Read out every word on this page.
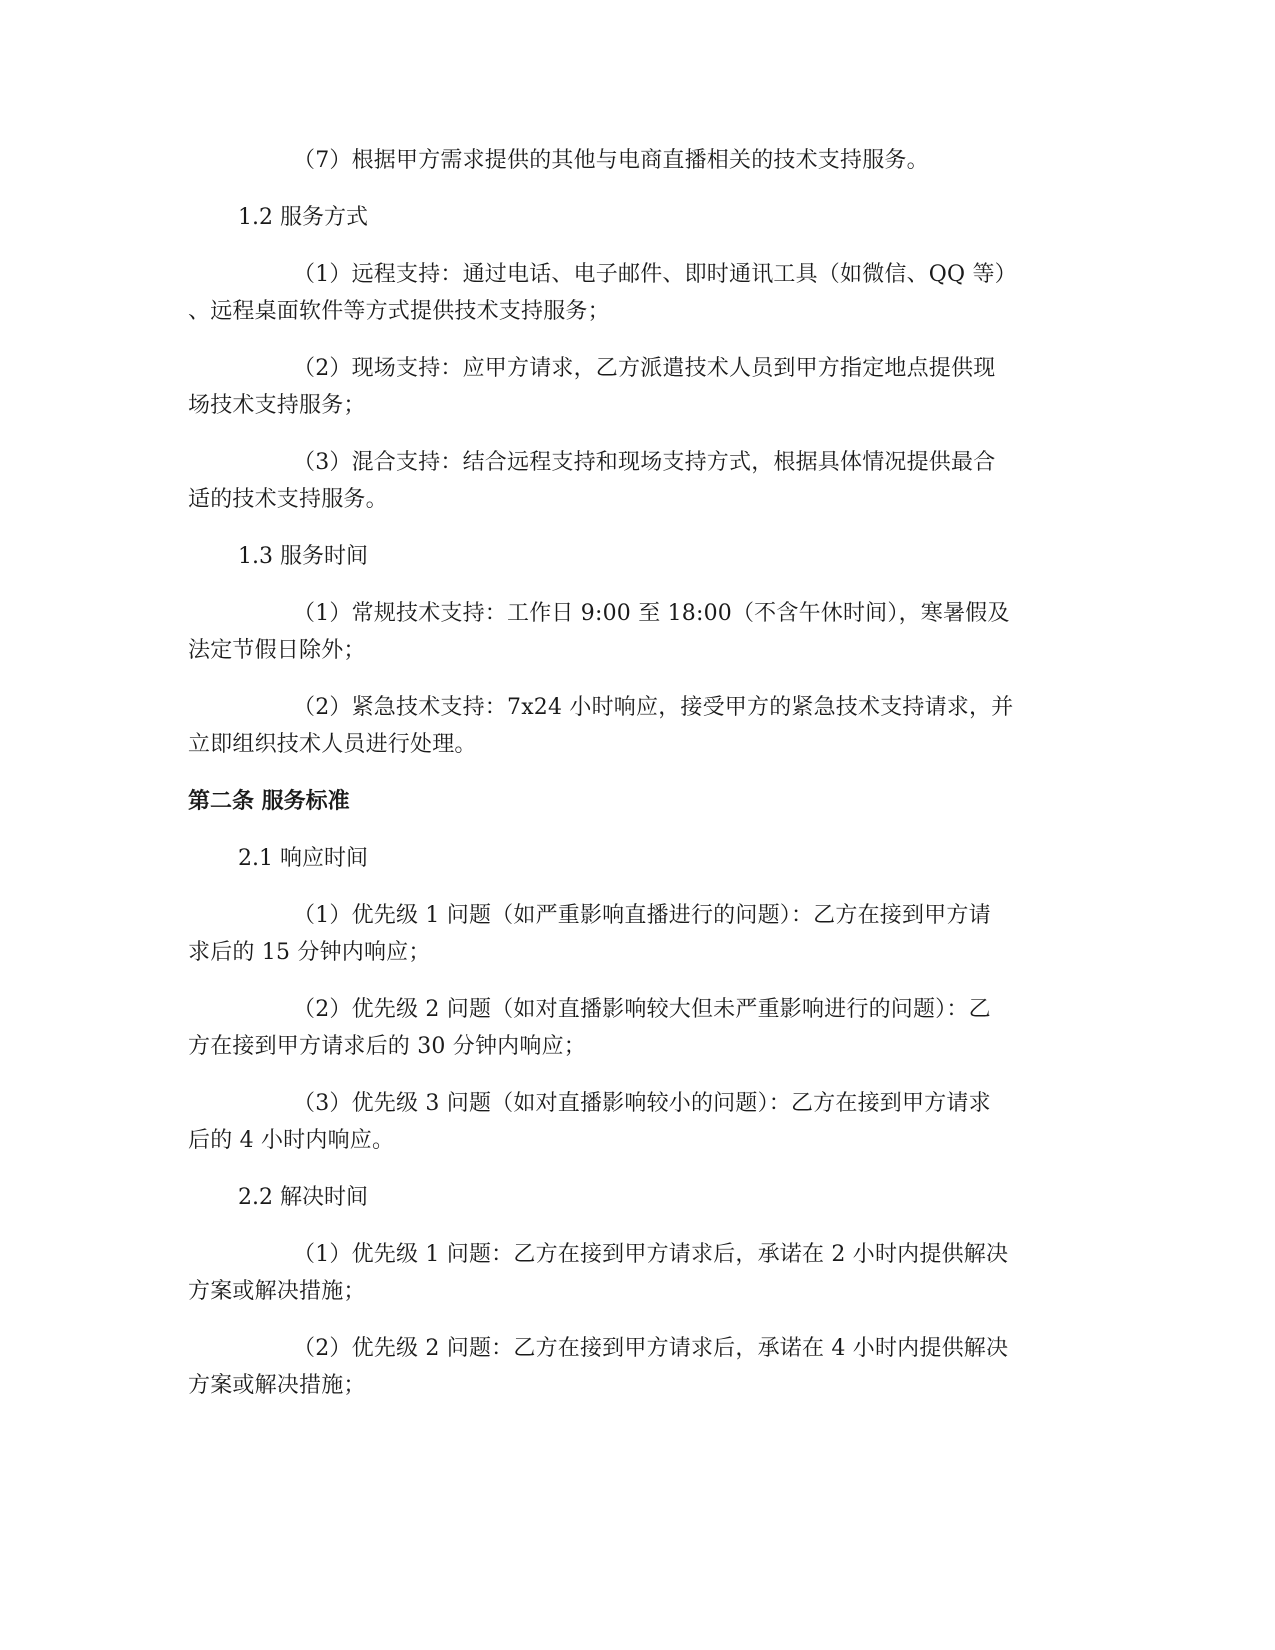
（7）根据甲方需求提供的其他与电商直播相关的技术支持服务。
1.2 服务方式
（1）远程支持：通过电话、电子邮件、即时通讯工具（如微信、QQ 等）
、远程桌面软件等方式提供技术支持服务；
（2）现场支持：应甲方请求，乙方派遣技术人员到甲方指定地点提供现
场技术支持服务；
（3）混合支持：结合远程支持和现场支持方式，根据具体情况提供最合
适的技术支持服务。
1.3 服务时间
（1）常规技术支持：工作日 9:00 至 18:00（不含午休时间），寒暑假及
法定节假日除外；
（2）紧急技术支持：7x24 小时响应，接受甲方的紧急技术支持请求，并
立即组织技术人员进行处理。
第二条 服务标准
2.1 响应时间
（1）优先级 1 问题（如严重影响直播进行的问题）：乙方在接到甲方请
求后的 15 分钟内响应；
（2）优先级 2 问题（如对直播影响较大但未严重影响进行的问题）：乙
方在接到甲方请求后的 30 分钟内响应；
（3）优先级 3 问题（如对直播影响较小的问题）：乙方在接到甲方请求
后的 4 小时内响应。
2.2 解决时间
（1）优先级 1 问题：乙方在接到甲方请求后，承诺在 2 小时内提供解决
方案或解决措施；
（2）优先级 2 问题：乙方在接到甲方请求后，承诺在 4 小时内提供解决
方案或解决措施；
